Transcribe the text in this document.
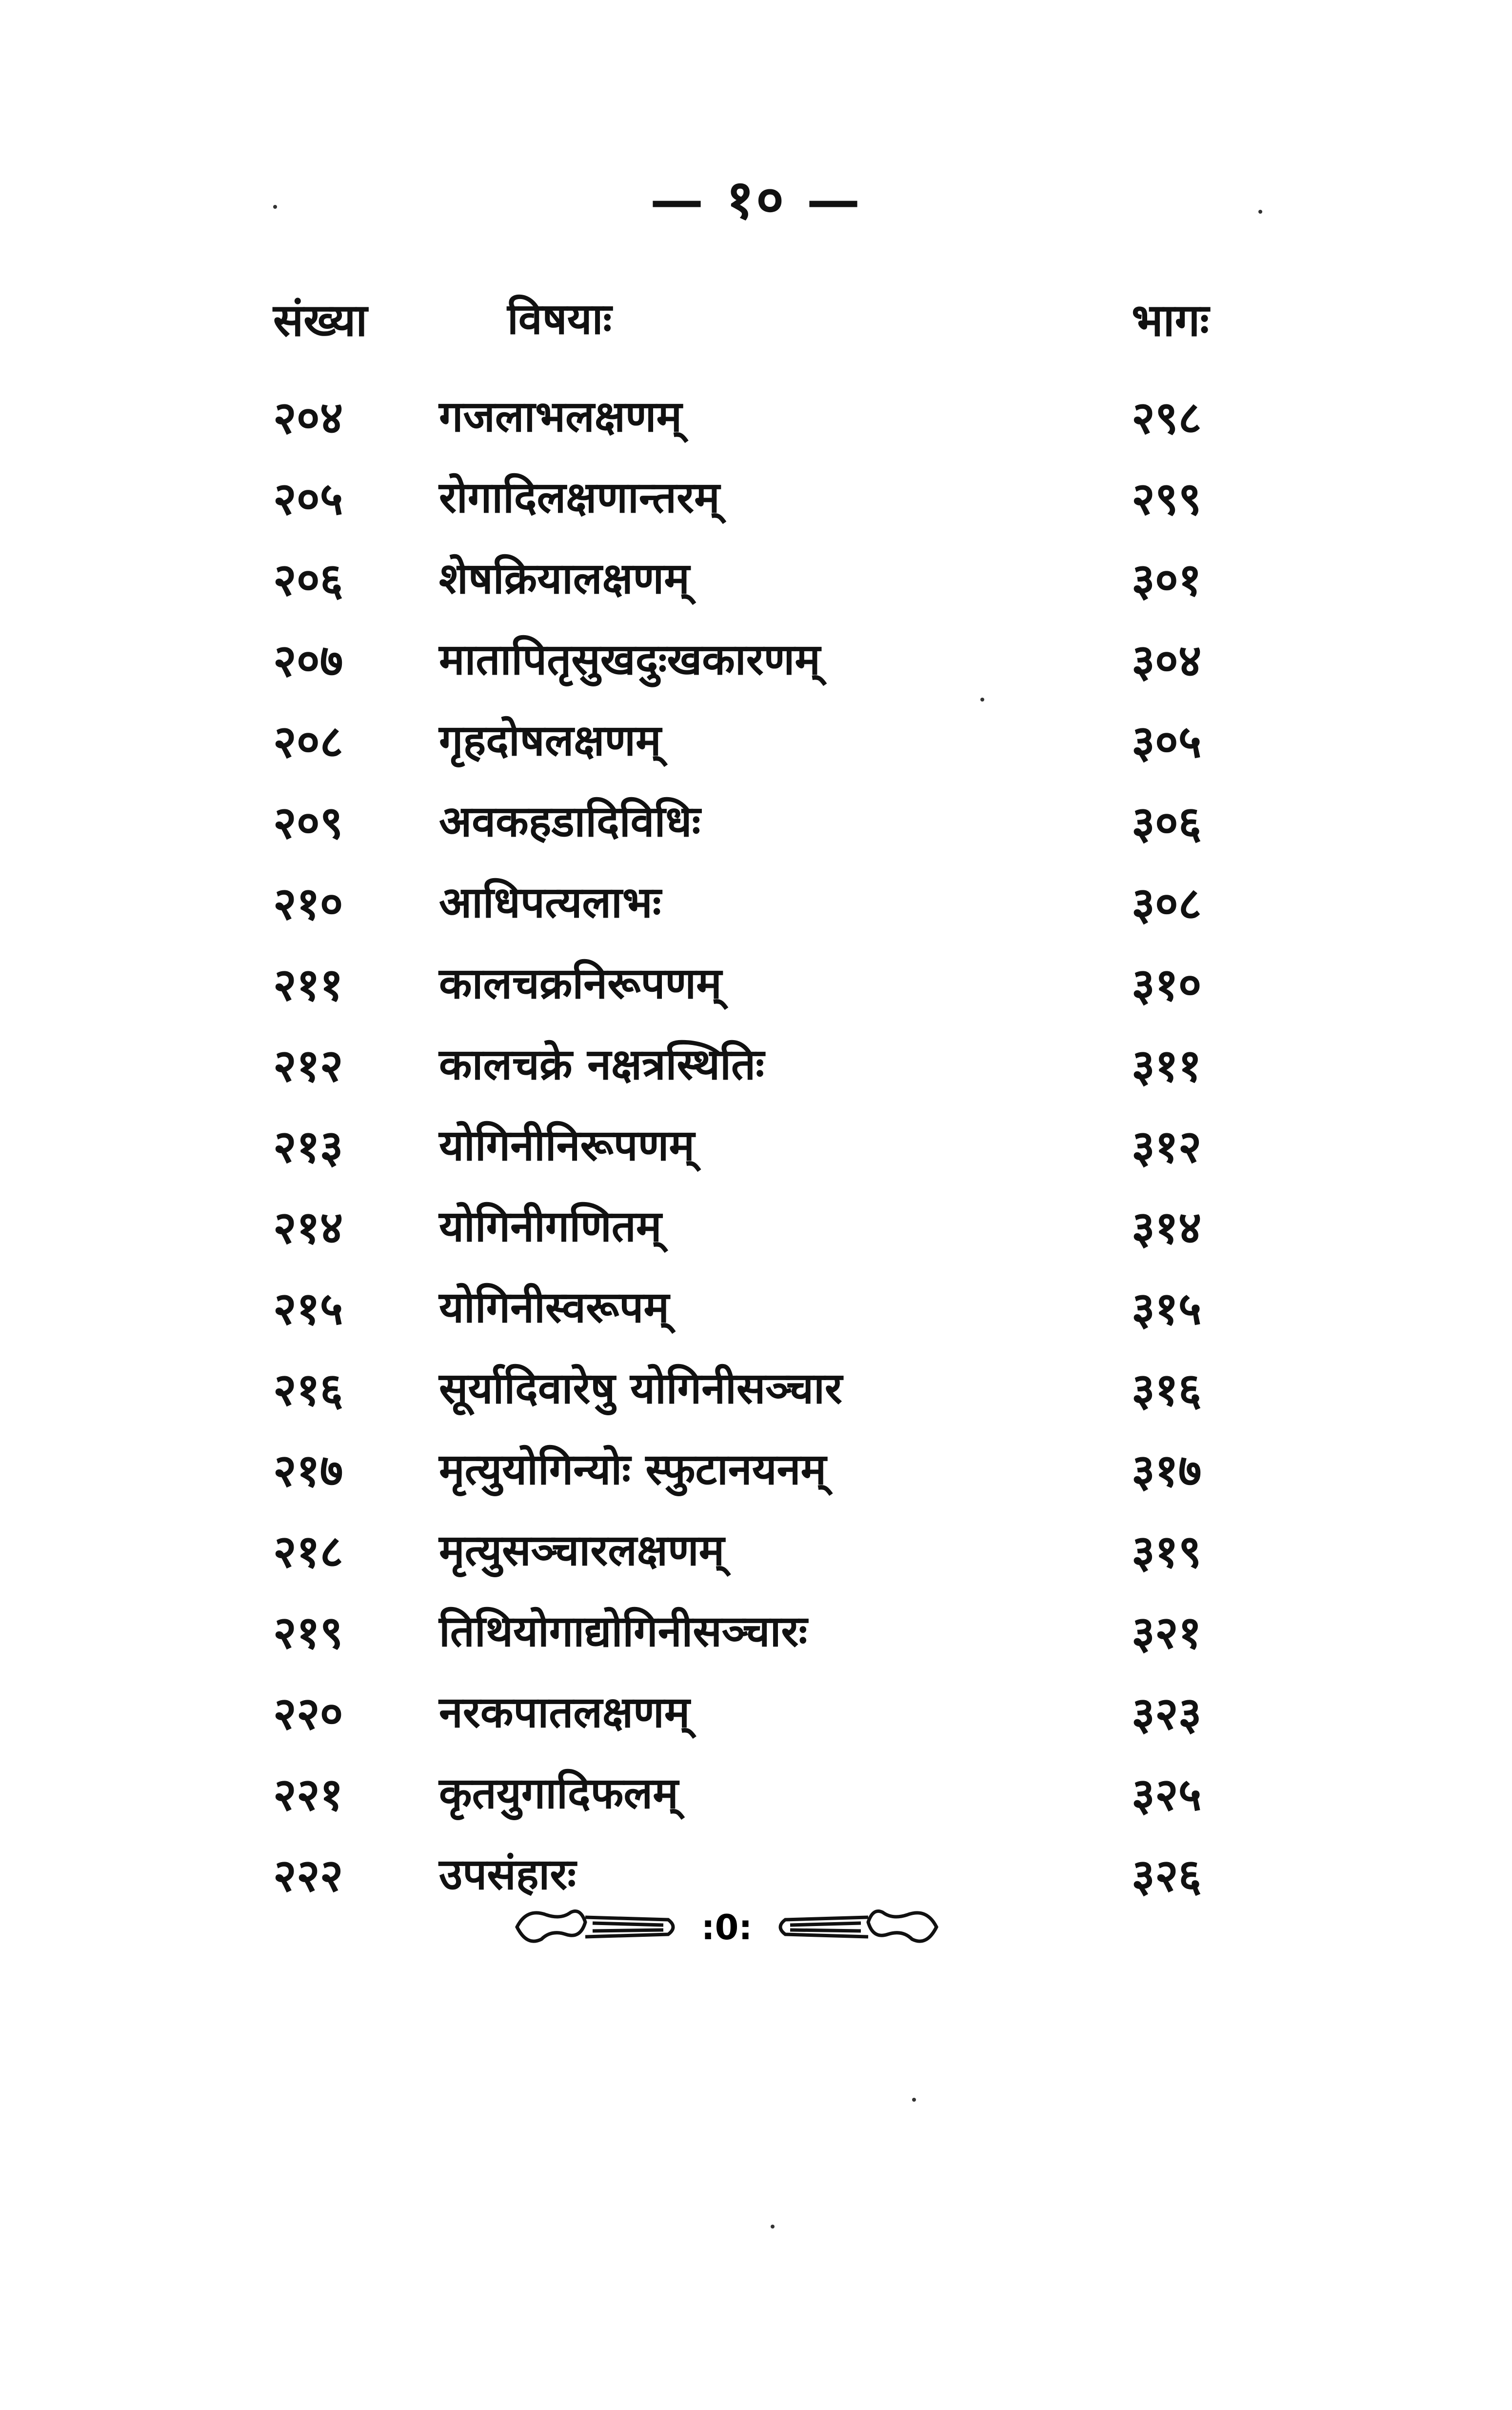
— १० —
संख्या	विषयाः	भागः
२०४ गजलाभलक्षणम्	२९८
२०५ रोगादिलक्षणान्तरम्	२९९
२०६ शेषक्रियालक्षणम्	३०१
२०७ मातापितृसुखदुःखकारणम्	३०४
२०८ गृहदोषलक्षणम्	३०५
२०९ अवकहडादिविधिः	३०६
२१० आधिपत्यलाभः	३०८
२११ कालचक्रनिरूपणम्	३१०
२१२ कालचक्रे नक्षत्रस्थितिः	३११
२१३ योगिनीनिरूपणम्	३१२
२१४ योगिनीगणितम्	३१४
२१५ योगिनीस्वरूपम्	३१५
२१६ सूर्यादिवारेषु योगिनीसञ्चार	३१६
२१७ मृत्युयोगिन्योः स्फुटानयनम्	३१७
२१८ मृत्युसञ्चारलक्षणम्	३१९
२१९ तिथियोगाद्योगिनीसञ्चारः	३२१
२२० नरकपातलक्षणम्	३२३
२२१ कृतयुगादिफलम्	३२५
२२२ उपसंहारः	३२६
:0:
